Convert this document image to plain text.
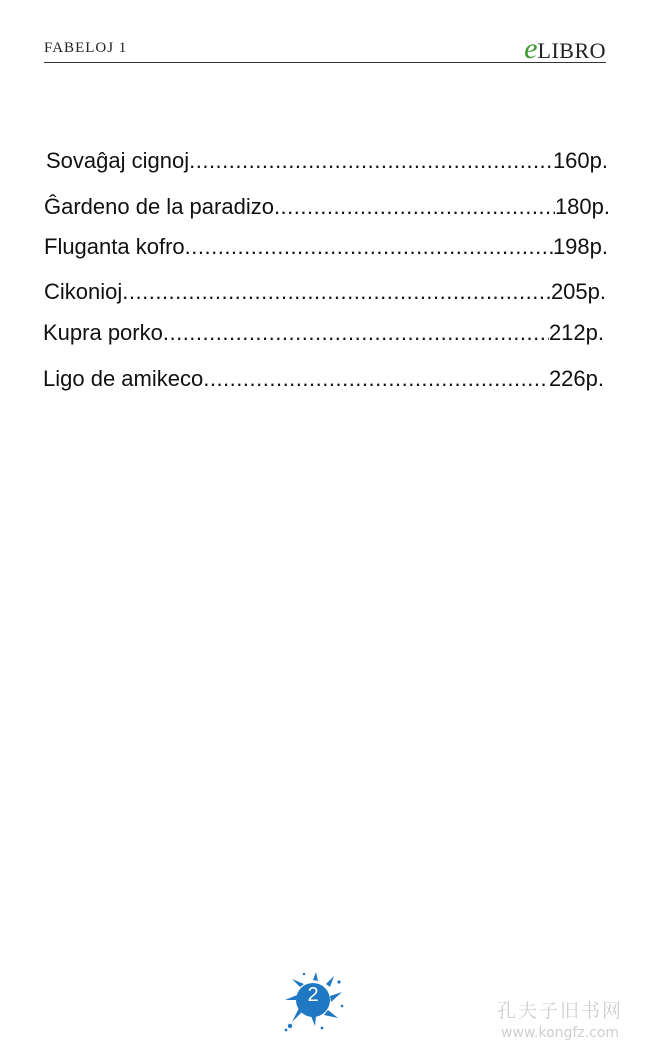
FABELOJ 1	eLIBRO
Sovaĝaj cignoj .....	160p.
Ĝardeno de la paradizo .....	180p.
Fluganta kofro .....	198p.
Cikonioj .....	205p.
Kupra porko .....	212p.
Ligo de amikeco .....	226p.
2
孔夫子旧书网
www.kongfz.com
